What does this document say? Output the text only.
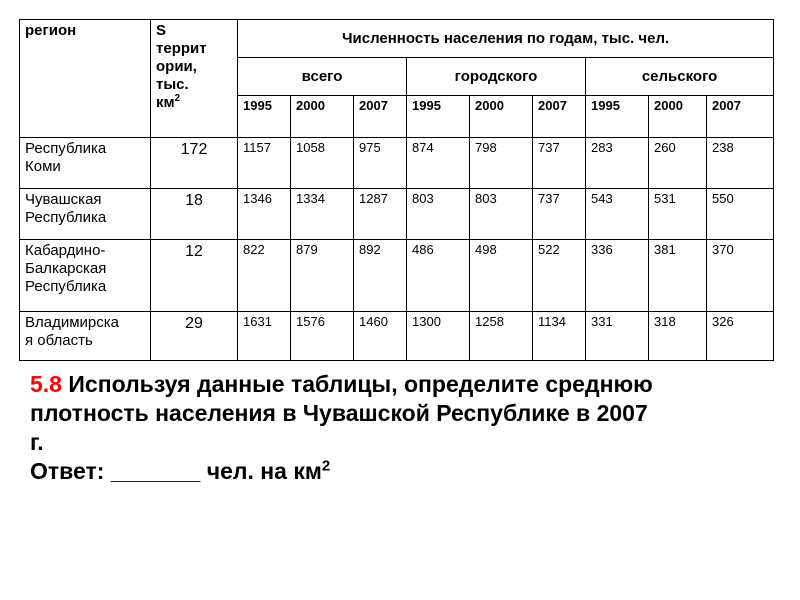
регион	S
террит
ории,
тыс.
$км^2$	Численность населения по годам, тыс. чел.								
		всего			городского			сельского		
		1995	2000	2007	1995	2000	2007	1995	2000	2007
Республика
Коми	172	1157	1058	975	874	798	737	283	260	238
Чувашская
Республика	18	1346	1334	1287	803	803	737	543	531	550
Кабардино-
Балкарская
Республика	12	822	879	892	486	498	522	336	381	370
Владимирска
я область	29	1631	1576	1460	1300	1258	1134	331	318	326
5.8 Используя данные таблицы, определите среднюю
плотность населения в Чувашской Республике в 2007
г.
Ответ: _______ чел. на $км^2$
